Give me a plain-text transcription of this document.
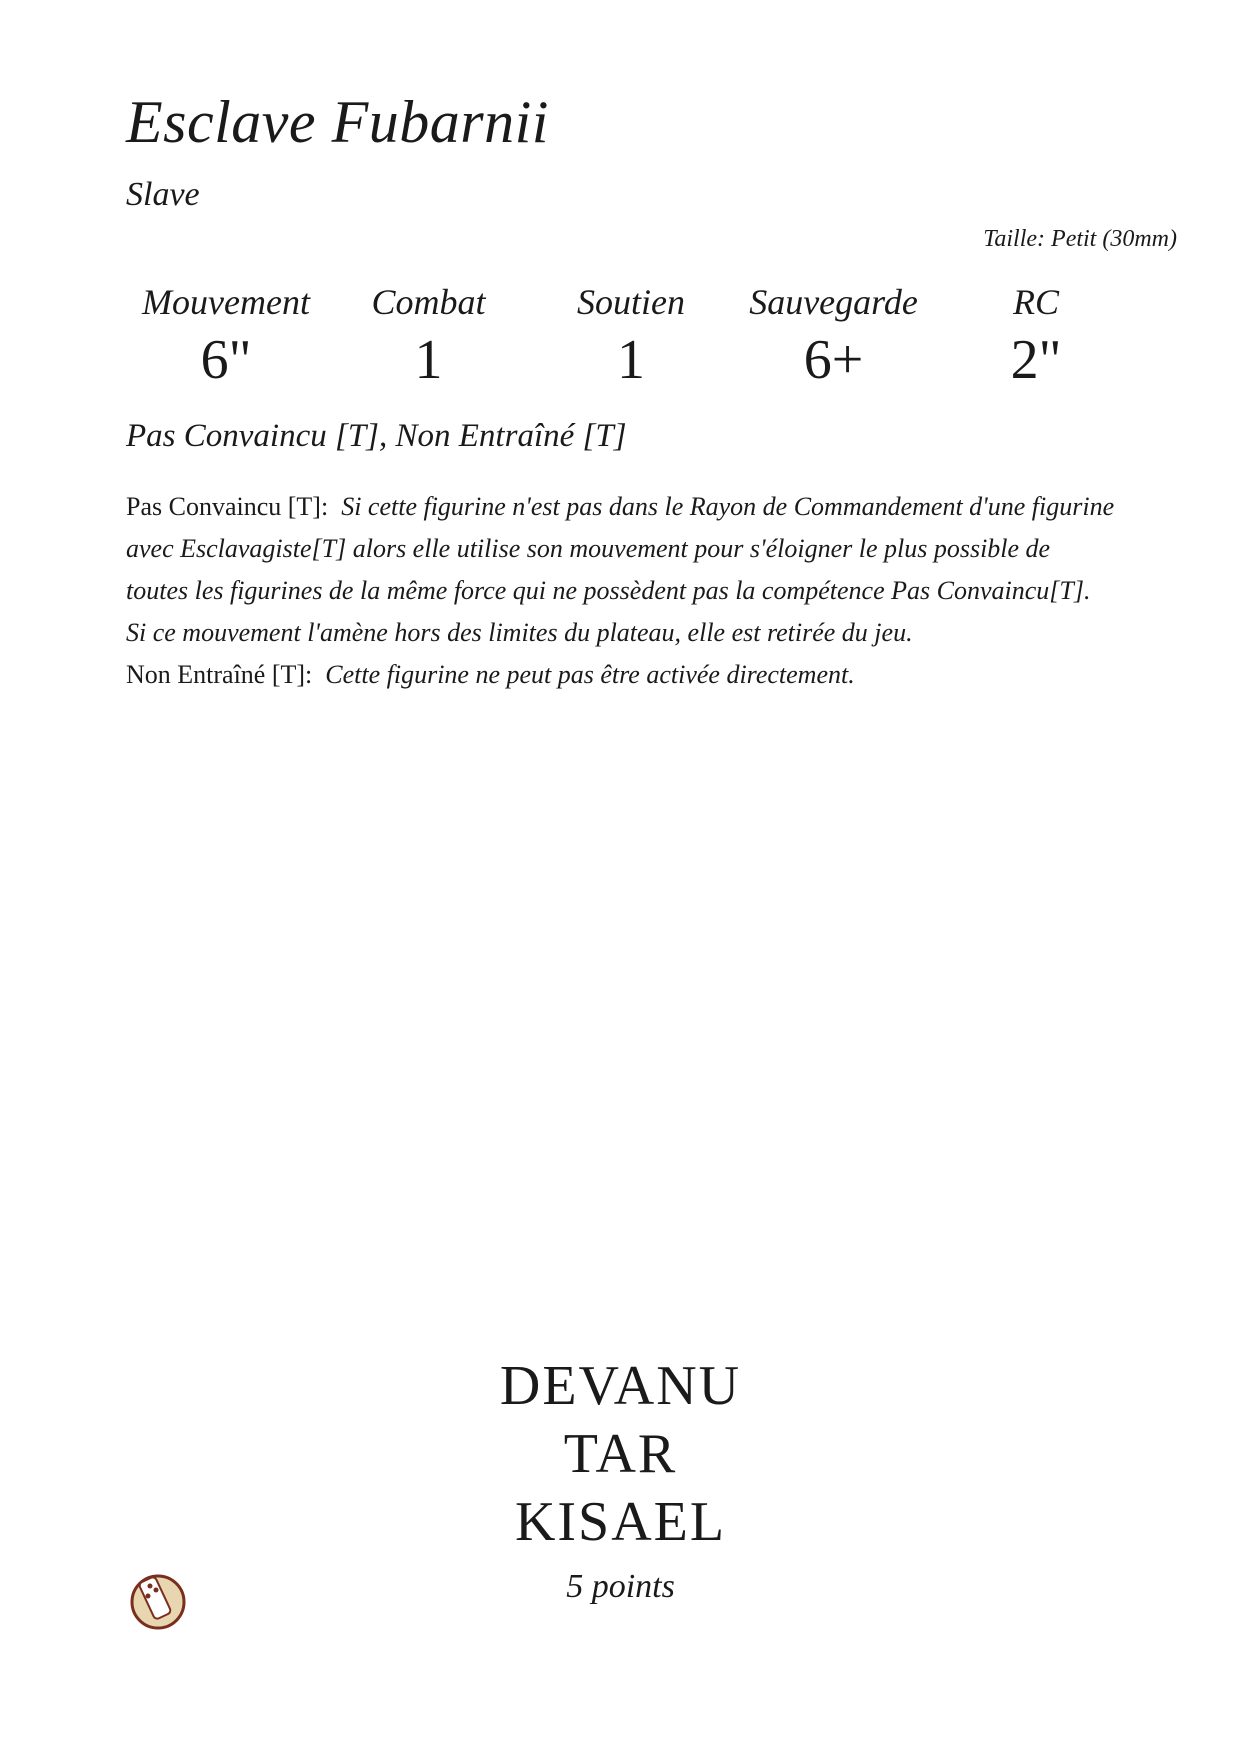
Esclave Fubarnii
Slave
Taille: Petit (30mm)
Mouvement
6"
Combat
1
Soutien
1
Sauvegarde
6+
RC
2"
Pas Convaincu [T], Non Entraîné [T]
Pas Convaincu [T]: Si cette figurine n'est pas dans le Rayon de Commandement d'une figurine avec Esclavagiste[T] alors elle utilise son mouvement pour s'éloigner le plus possible de toutes les figurines de la même force qui ne possèdent pas la compétence Pas Convaincu[T]. Si ce mouvement l'amène hors des limites du plateau, elle est retirée du jeu.
Non Entraîné [T]: Cette figurine ne peut pas être activée directement.
DEVANU
TAR
KISAEL
5 points
